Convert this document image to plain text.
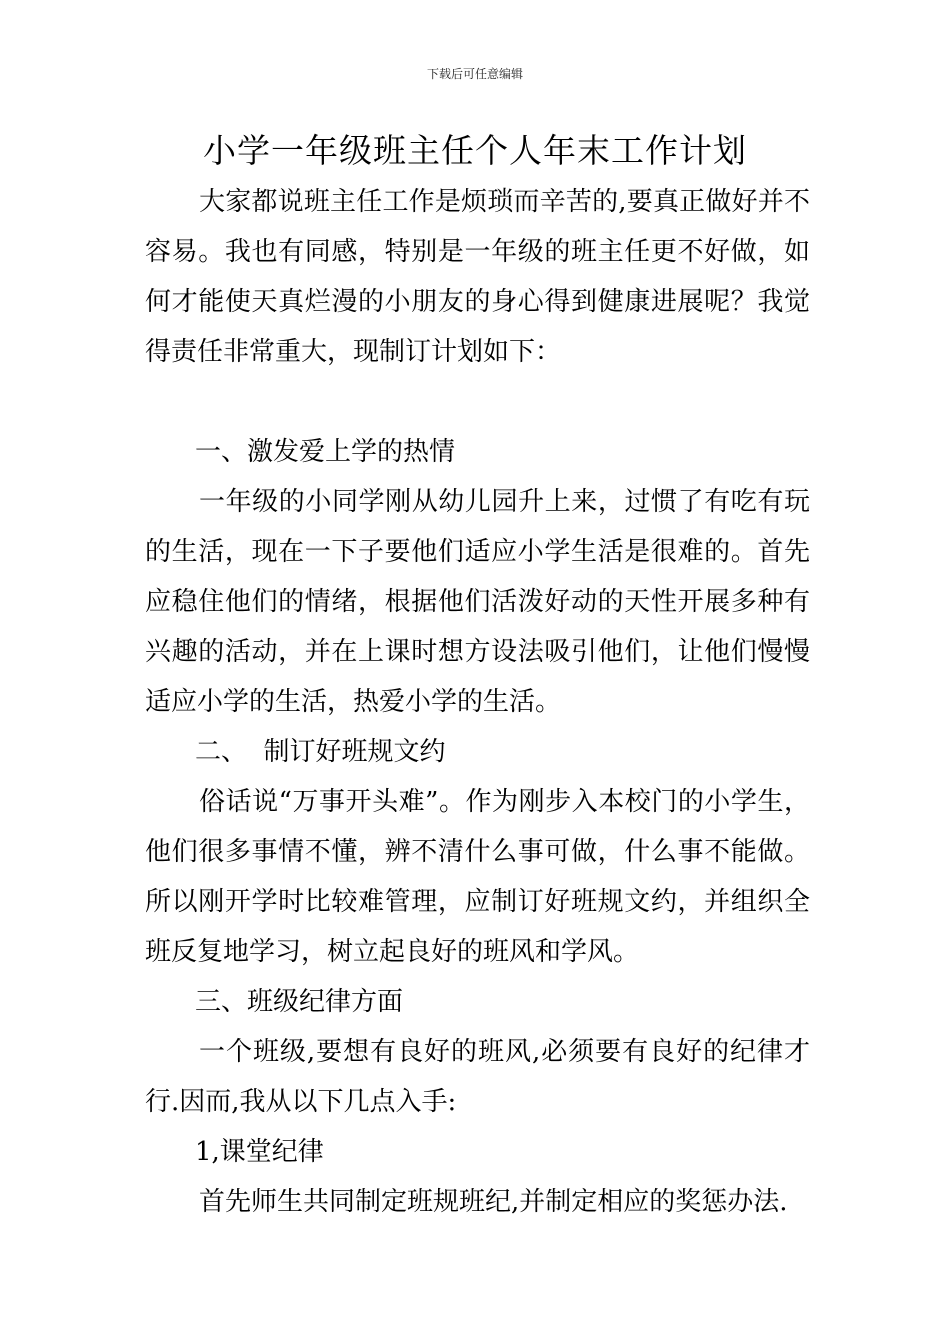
下载后可任意编辑
小学一年级班主任个人年末工作计划

大家都说班主任工作是烦琐而辛苦的,要真正做好并不容易。我也有同感，特别是一年级的班主任更不好做，如何才能使天真烂漫的小朋友的身心得到健康进展呢？我觉得责任非常重大，现制订计划如下：

一、激发爱上学的热情

一年级的小同学刚从幼儿园升上来，过惯了有吃有玩的生活，现在一下子要他们适应小学生活是很难的。首先应稳住他们的情绪，根据他们活泼好动的天性开展多种有兴趣的活动，并在上课时想方设法吸引他们，让他们慢慢适应小学的生活，热爱小学的生活。

二、  制订好班规文约

俗话说“万事开头难”。作为刚步入本校门的小学生，他们很多事情不懂，辨不清什么事可做，什么事不能做。所以刚开学时比较难管理，应制订好班规文约，并组织全班反复地学习，树立起良好的班风和学风。

三、班级纪律方面

一个班级,要想有良好的班风,必须要有良好的纪律才行.因而,我从以下几点入手:

1,课堂纪律

首先师生共同制定班规班纪,并制定相应的奖惩办法.
